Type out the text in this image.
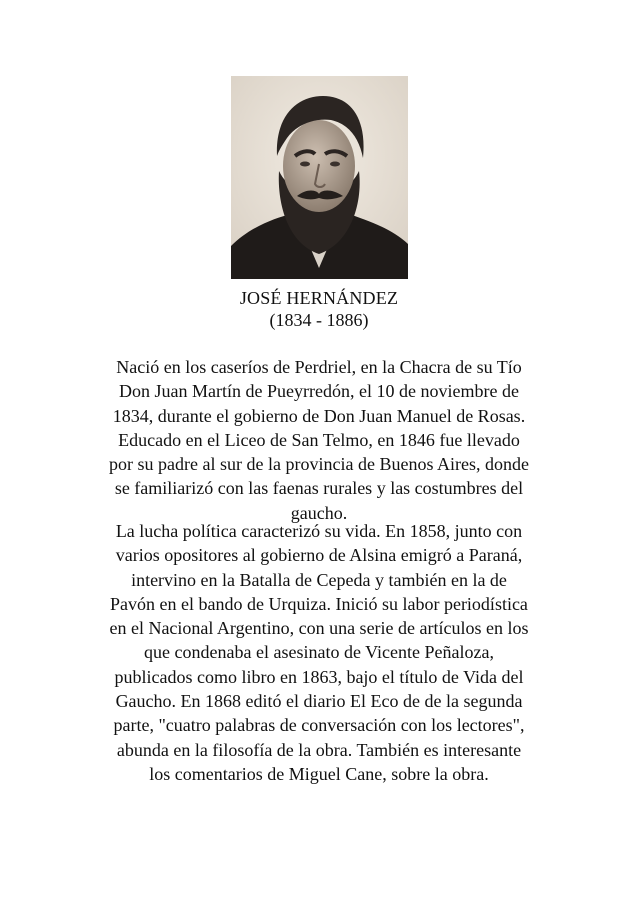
JOSÉ HERNÁNDEZ
(1834 - 1886)

Nació en los caseríos de Perdriel, en la Chacra de su Tío
Don Juan Martín de Pueyrredón, el 10 de noviembre de
1834, durante el gobierno de Don Juan Manuel de Rosas.
Educado en el Liceo de San Telmo, en 1846 fue llevado
por su padre al sur de la provincia de Buenos Aires, donde
se familiarizó con las faenas rurales y las costumbres del
gaucho.

La lucha política caracterizó su vida. En 1858, junto con
varios opositores al gobierno de Alsina emigró a Paraná,
intervino en la Batalla de Cepeda y también en la de
Pavón en el bando de Urquiza. Inició su labor periodística
en el Nacional Argentino, con una serie de artículos en los
que condenaba el asesinato de Vicente Peñaloza,
publicados como libro en 1863, bajo el título de Vida del
Gaucho. En 1868 editó el diario El Eco de de la segunda
parte, "cuatro palabras de conversación con los lectores",
abunda en la filosofía de la obra. También es interesante
los comentarios de Miguel Cane, sobre la obra.
